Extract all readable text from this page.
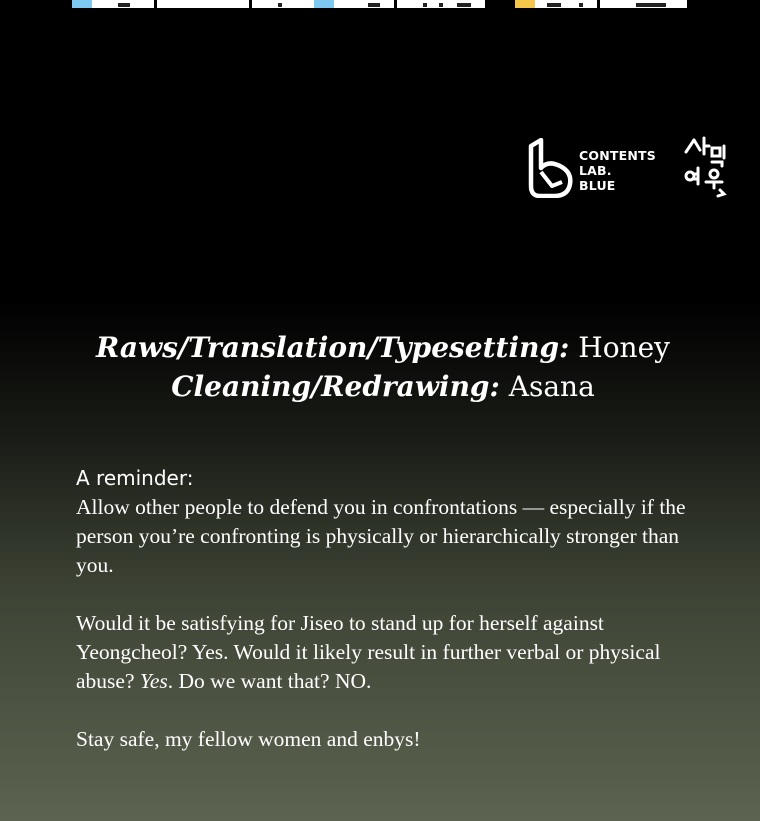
CONTENTS
LAB.
BLUE
Raws/Translation/Typesetting: Honey
Cleaning/Redrawing: Asana

A reminder:

Allow other people to defend you in confrontations — especially if the person you’re confronting is physically or hierarchically stronger than you.

Would it be satisfying for Jiseo to stand up for herself against Yeongcheol? Yes. Would it likely result in further verbal or physical abuse? Yes. Do we want that? NO.

Stay safe, my fellow women and enbys!
